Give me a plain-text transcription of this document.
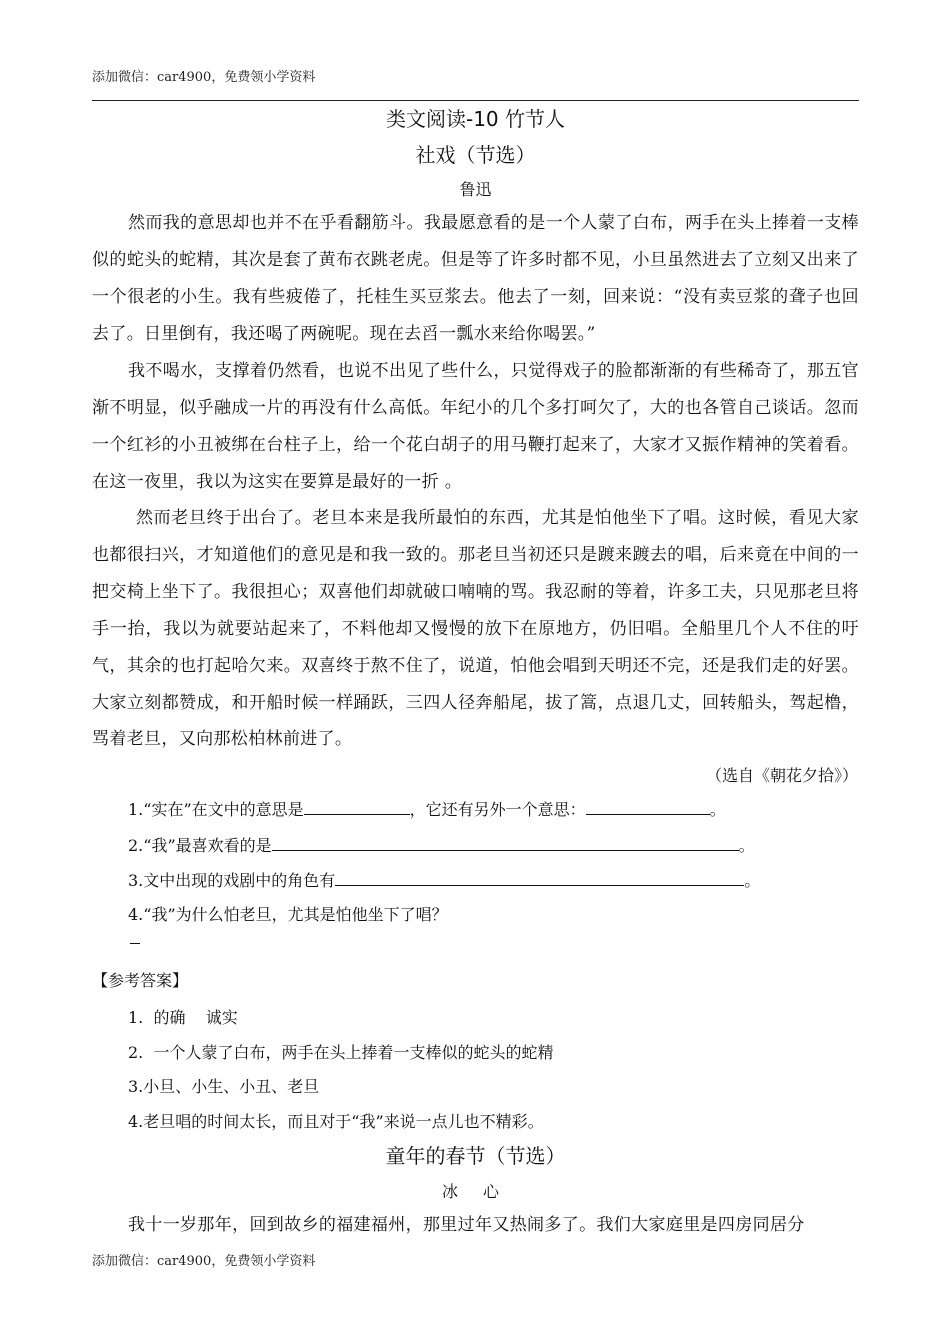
添加微信：car4900，免费领小学资料
类文阅读-10 竹节人
社戏（节选）
鲁迅
然而我的意思却也并不在乎看翻筋斗。我最愿意看的是一个人蒙了白布，两手在头上捧着一支棒似的蛇头的蛇精，其次是套了黄布衣跳老虎。但是等了许多时都不见，小旦虽然进去了立刻又出来了一个很老的小生。我有些疲倦了，托桂生买豆浆去。他去了一刻，回来说：“没有卖豆浆的聋子也回去了。日里倒有，我还喝了两碗呢。现在去舀一瓢水来给你喝罢。”
我不喝水，支撑着仍然看，也说不出见了些什么，只觉得戏子的脸都渐渐的有些稀奇了，那五官渐不明显，似乎融成一片的再没有什么高低。年纪小的几个多打呵欠了，大的也各管自己谈话。忽而一个红衫的小丑被绑在台柱子上，给一个花白胡子的用马鞭打起来了，大家才又振作精神的笑着看。在这一夜里，我以为这实在要算是最好的一折 。
然而老旦终于出台了。老旦本来是我所最怕的东西，尤其是怕他坐下了唱。这时候，看见大家也都很扫兴，才知道他们的意见是和我一致的。那老旦当初还只是踱来踱去的唱，后来竟在中间的一把交椅上坐下了。我很担心；双喜他们却就破口喃喃的骂。我忍耐的等着，许多工夫，只见那老旦将手一抬，我以为就要站起来了，不料他却又慢慢的放下在原地方，仍旧唱。全船里几个人不住的吁气，其余的也打起哈欠来。双喜终于熬不住了，说道，怕他会唱到天明还不完，还是我们走的好罢。大家立刻都赞成，和开船时候一样踊跃，三四人径奔船尾，拔了篙，点退几丈，回转船头，驾起橹，骂着老旦，又向那松柏林前进了。
（选自《朝花夕拾》）
1.“实在”在文中的意思是	，它还有另外一个意思：	。
2.“我”最喜欢看的是	。
3.文中出现的戏剧中的角色有	。
4.“我”为什么怕老旦，尤其是怕他坐下了唱？
【参考答案】
1.  的确    诚实
2.  一个人蒙了白布，两手在头上捧着一支棒似的蛇头的蛇精
3.小旦、小生、小丑、老旦
4.老旦唱的时间太长，而且对于“我”来说一点儿也不精彩。
童年的春节（节选）
冰 心
我十一岁那年，回到故乡的福建福州，那里过年又热闹多了。我们大家庭里是四房同居分
添加微信：car4900，免费领小学资料
